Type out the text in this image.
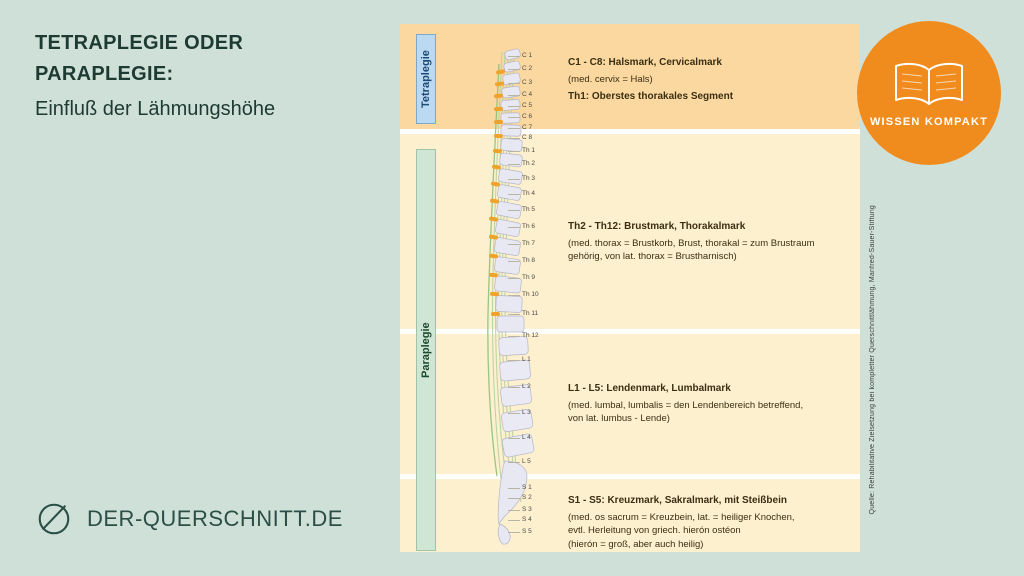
TETRAPLEGIE ODER
PARAPLEGIE:
Einfluß der Lähmungshöhe
DER-QUERSCHNITT.DE
Tetraplegie
Paraplegie
C 1
C 2
C 3
C 4
C 5
C 6
C 7
C 8
Th 1
Th 2
Th 3
Th 4
Th 5
Th 6
Th 7
Th 8
Th 9
Th 10
Th 11
Th 12
L 1
L 2
L 3
L 4
L 5
S 1
S 2
S 3
S 4
S 5
C1 - C8: Halsmark, Cervicalmark
(med. cervix = Hals)
Th1: Oberstes thorakales Segment
Th2 - Th12: Brustmark, Thorakalmark
(med. thorax = Brustkorb, Brust, thorakal = zum Brustraum
gehörig, von lat. thorax = Brustharnisch)
L1 - L5: Lendenmark, Lumbalmark
(med. lumbal, lumbalis = den Lendenbereich betreffend,
von lat. lumbus - Lende)
S1 - S5: Kreuzmark, Sakralmark, mit Steißbein
(med. os sacrum = Kreuzbein, lat. = heiliger Knochen,
evtl. Herleitung von griech. hierón ostéon
(hierón = groß, aber auch heilig)
Quelle: Rehabilitative Zielsetzung bei kompletter Querschnittlähmung, Manfred-Sauer-Stiftung
WISSEN KOMPAKT
